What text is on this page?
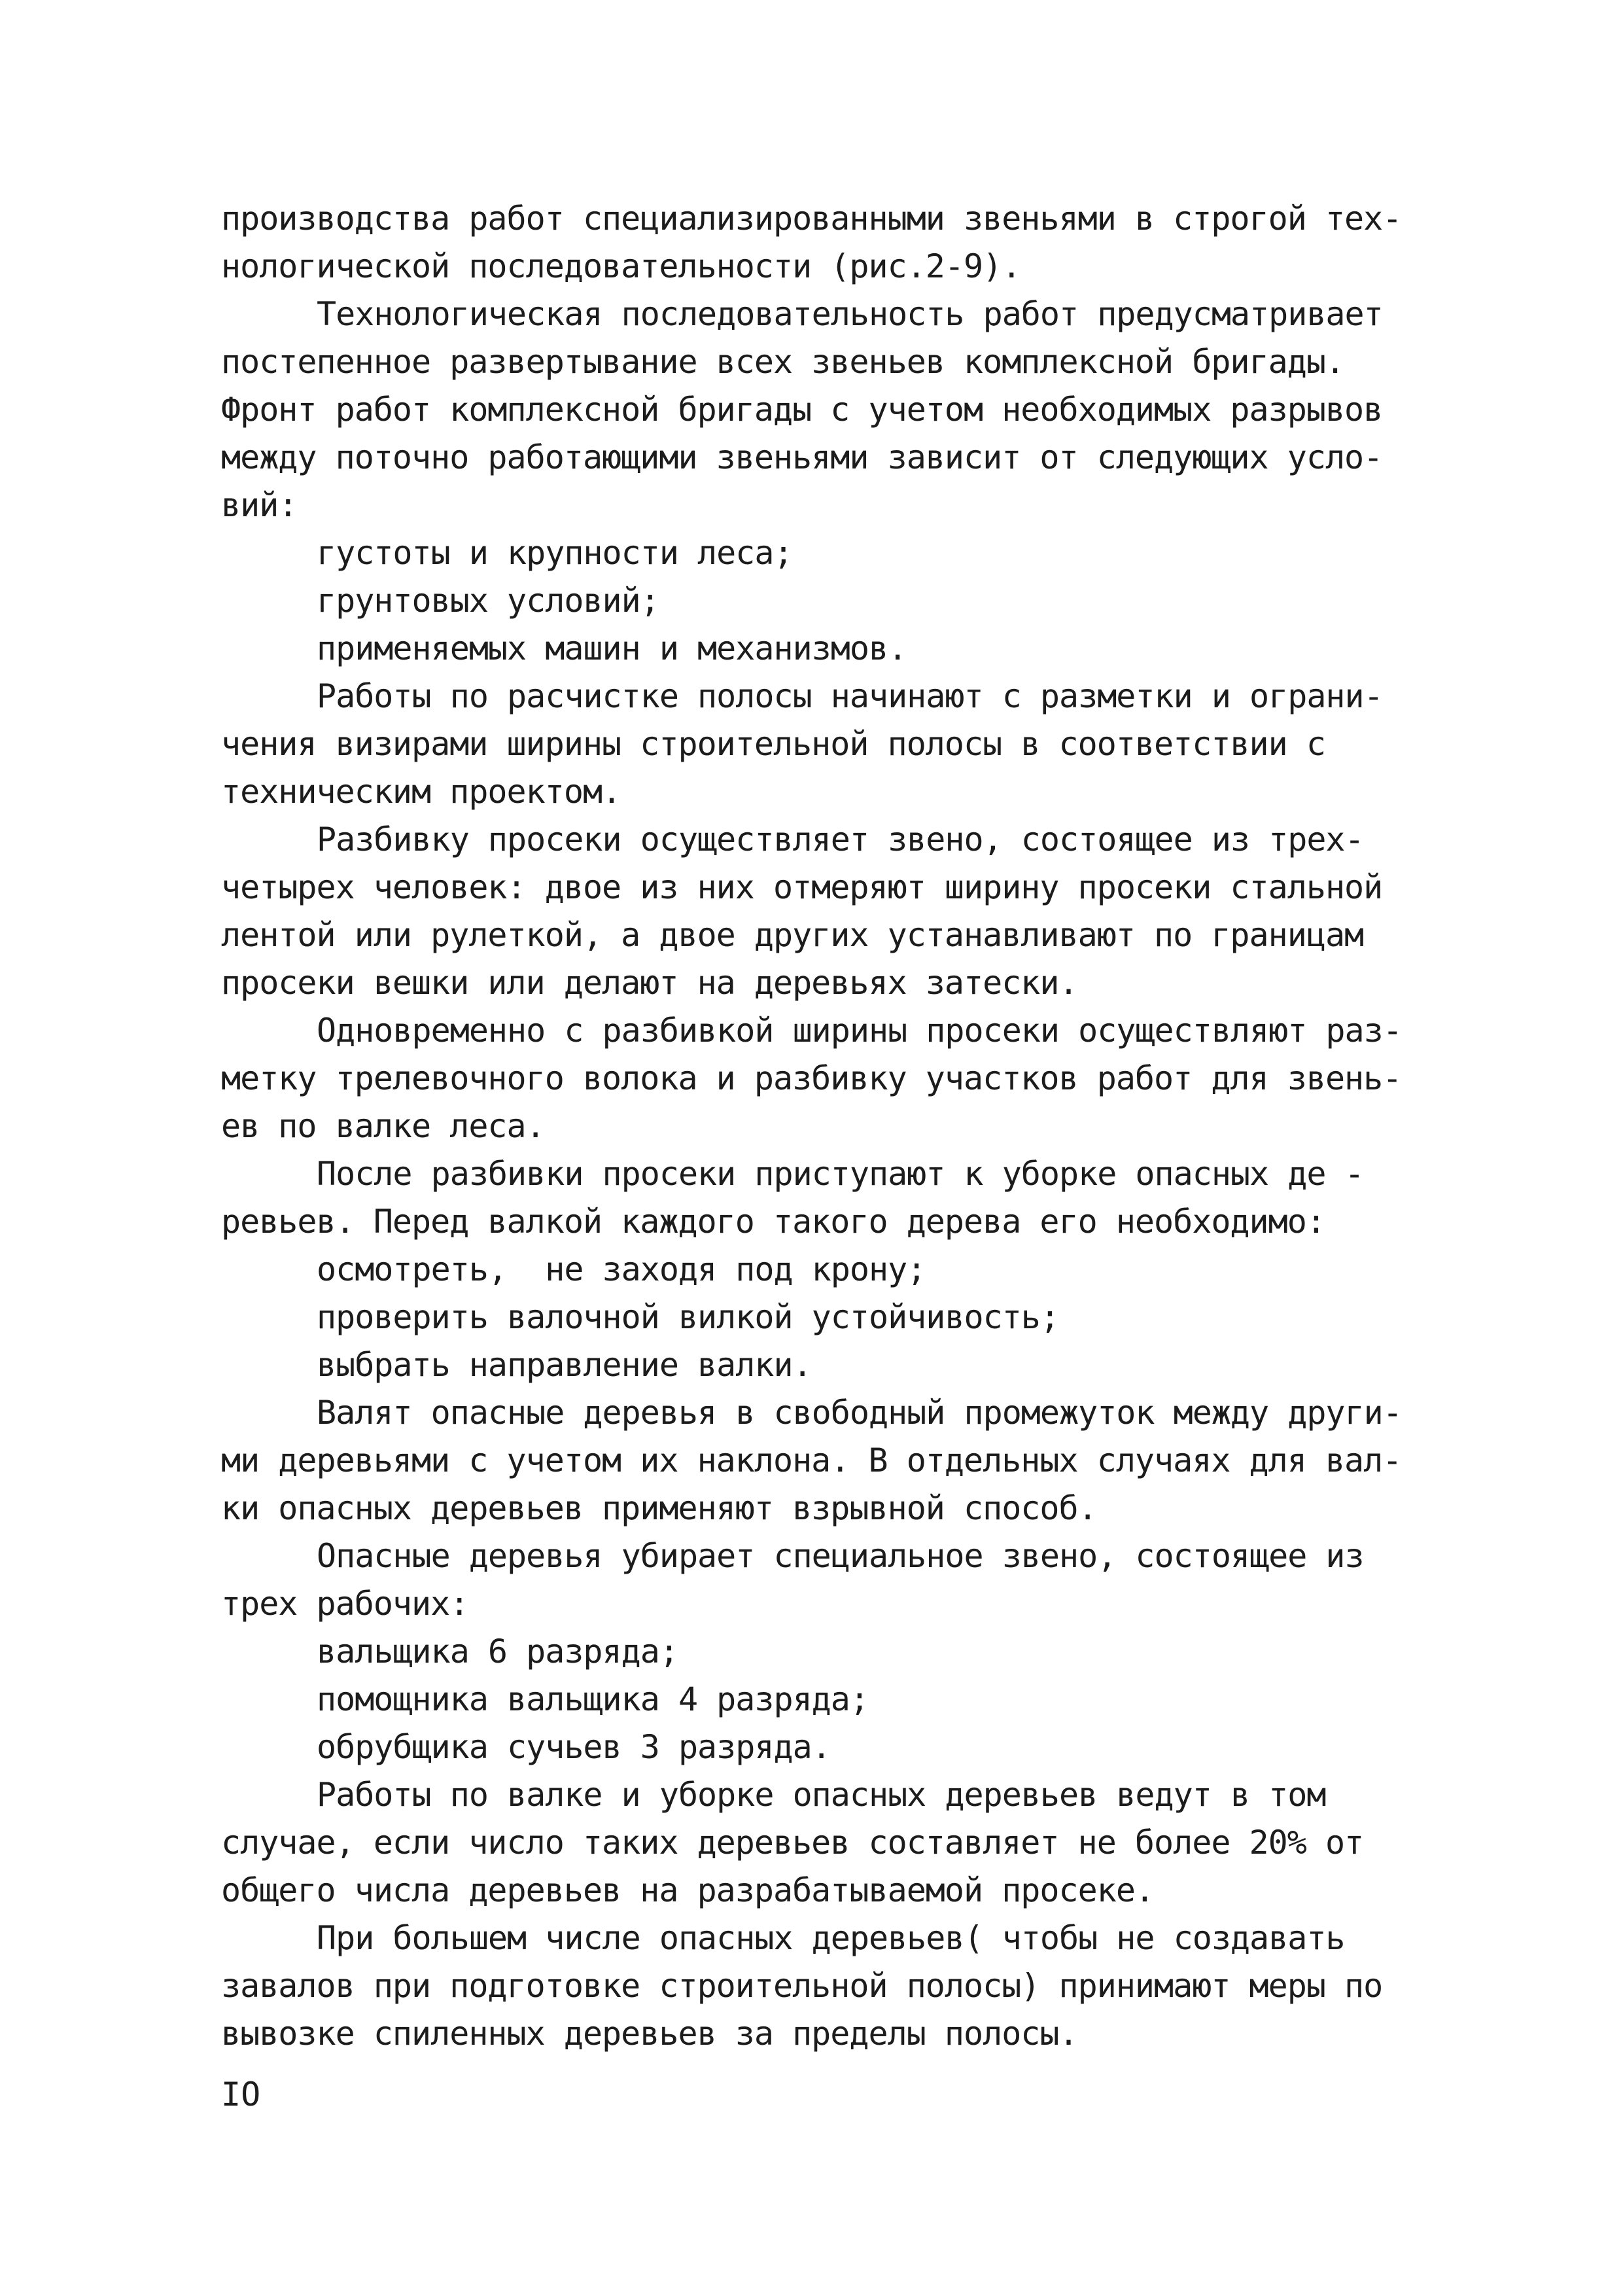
производства работ специализированными звеньями в строгой тех-
нологической последовательности (рис.2-9).
Технологическая последовательность работ предусматривает
постепенное развертывание всех звеньев комплексной бригады.
Фронт работ комплексной бригады с учетом необходимых разрывов
между поточно работающими звеньями зависит от следующих усло-
вий:
густоты и крупности леса;
грунтовых условий;
применяемых машин и механизмов.
Работы по расчистке полосы начинают с разметки и ограни-
чения визирами ширины строительной полосы в соответствии с
техническим проектом.
Разбивку просеки осуществляет звено, состоящее из трех-
четырех человек: двое из них отмеряют ширину просеки стальной
лентой или рулеткой, а двое других устанавливают по границам
просеки вешки или делают на деревьях затески.
Одновременно с разбивкой ширины просеки осуществляют раз-
метку трелевочного волока и разбивку участков работ для звень-
ев по валке леса.
После разбивки просеки приступают к уборке опасных де -
ревьев. Перед валкой каждого такого дерева его необходимо:
осмотреть,  не заходя под крону;
проверить валочной вилкой устойчивость;
выбрать направление валки.
Валят опасные деревья в свободный промежуток между други-
ми деревьями с учетом их наклона. В отдельных случаях для вал-
ки опасных деревьев применяют взрывной способ.
Опасные деревья убирает специальное звено, состоящее из
трех рабочих:
вальщика 6 разряда;
помощника вальщика 4 разряда;
обрубщика сучьев 3 разряда.
Работы по валке и уборке опасных деревьев ведут в том
случае, если число таких деревьев составляет не более 20% от
общего числа деревьев на разрабатываемой просеке.
При большем числе опасных деревьев( чтобы не создавать
завалов при подготовке строительной полосы) принимают меры по
вывозке спиленных деревьев за пределы полосы.
IO
